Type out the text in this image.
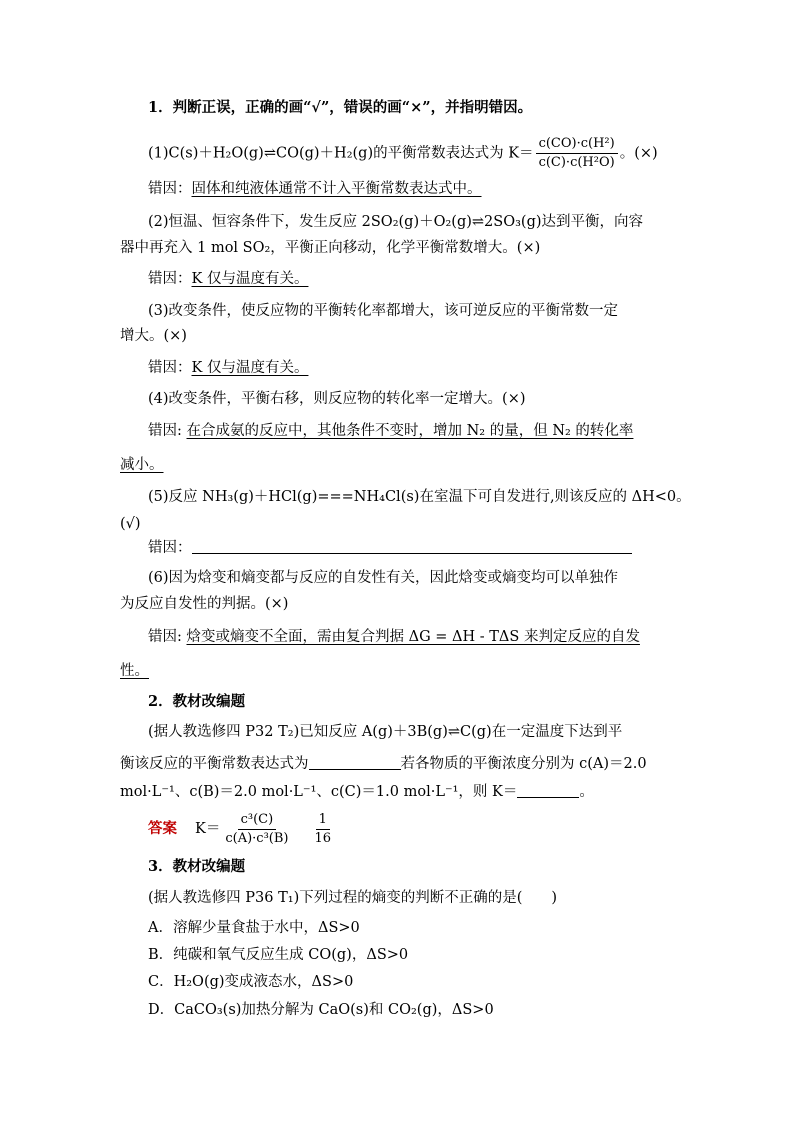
1．判断正误，正确的画“√”，错误的画“×”，并指明错因。
(1)C(s)＋H₂O(g)⇌CO(g)＋H₂(g)的平衡常数表达式为 $K= \frac{\text{c(CO)·c(H²)}}{\text{c(C)·c(H²O)}}$ 。(×)
错因：固体和纯液体通常不计入平衡常数表达式中。
(2)恒温、恒容条件下，发生反应 2SO₂(g)＋O₂(g)⇌2SO₃(g)达到平衡，向容
器中再充入 1 mol SO₂，平衡正向移动，化学平衡常数增大。(×)
错因：K 仅与温度有关。
(3)改变条件，使反应物的平衡转化率都增大，该可逆反应的平衡常数一定
增大。(×)
错因：K 仅与温度有关。
(4)改变条件，平衡右移，则反应物的转化率一定增大。(×)
错因: 在合成氨的反应中，其他条件不变时，增加 N₂ 的量，但 N₂ 的转化率
减小。
(5)反应 NH₃(g)＋HCl(g)===NH₄Cl(s)在室温下可自发进行,则该反应的 ΔH<0。
(√)
错因：
(6)因为焓变和熵变都与反应的自发性有关，因此焓变或熵变均可以单独作
为反应自发性的判据。(×)
错因: 焓变或熵变不全面，需由复合判据 ΔG = ΔH - TΔS 来判定反应的自发
性。
2．教材改编题
(据人教选修四 P32 T₂)已知反应 A(g)＋3B(g)⇌C(g)在一定温度下达到平
衡该反应的平衡常数表达式为	若各物质的平衡浓度分别为 c(A)＝2.0
mol·L⁻¹、c(B)＝2.0 mol·L⁻¹、c(C)＝1.0 mol·L⁻¹，则 K＝	。
答案 $K= \frac{\text{c³(C)}}{\text{c(A)·c³(B)}} \frac{1}{16}$
3．教材改编题
(据人教选修四 P36 T₁)下列过程的熵变的判断不正确的是(　　)
A．溶解少量食盐于水中，ΔS>0
B．纯碳和氧气反应生成 CO(g)，ΔS>0
C．H₂O(g)变成液态水，ΔS>0
D．CaCO₃(s)加热分解为 CaO(s)和 CO₂(g)，ΔS>0
